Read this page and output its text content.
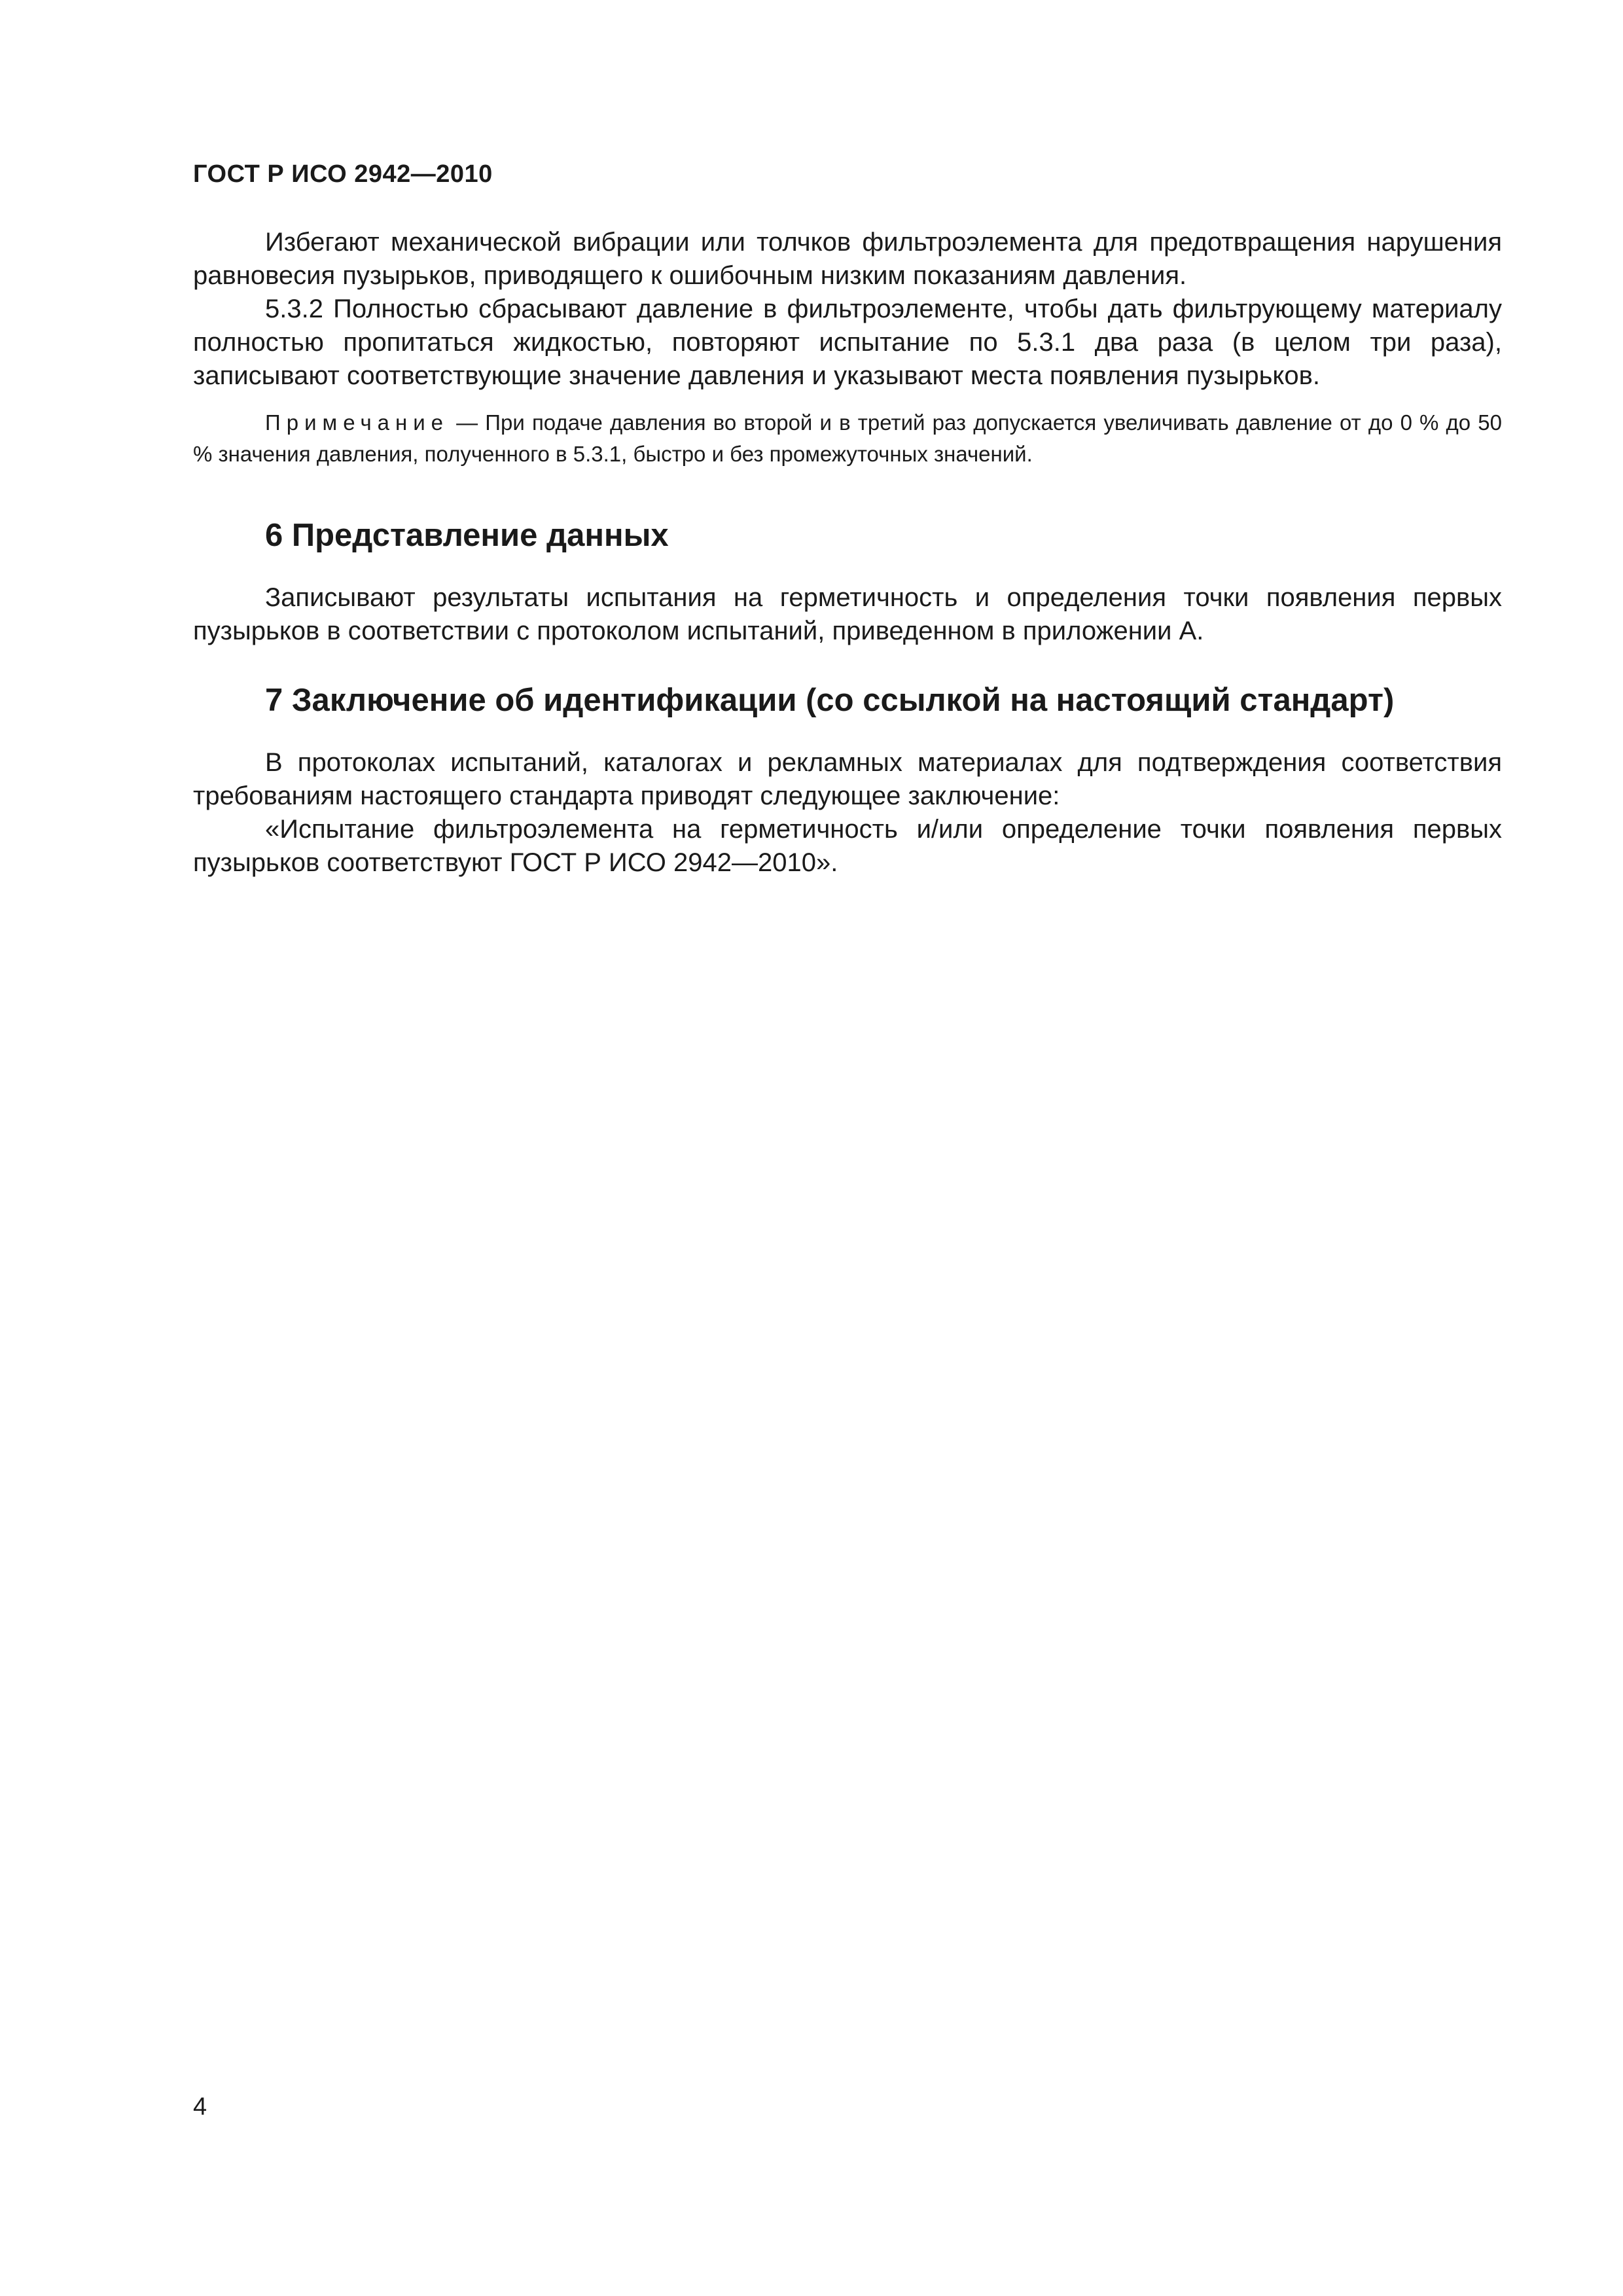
ГОСТ Р ИСО 2942—2010

Избегают механической вибрации или толчков фильтроэлемента для предотвращения нарушения равновесия пузырьков, приводящего к ошибочным низким показаниям давления.

5.3.2 Полностью сбрасывают давление в фильтроэлементе, чтобы дать фильтрующему материалу полностью пропитаться жидкостью, повторяют испытание по 5.3.1 два раза (в целом три раза), записывают соответствующие значение давления и указывают места появления пузырьков.

Примечание — При подаче давления во второй и в третий раз допускается увеличивать давление от до 0 % до 50 % значения давления, полученного в 5.3.1, быстро и без промежуточных значений.

6 Представление данных

Записывают результаты испытания на герметичность и определения точки появления первых пузырьков в соответствии с протоколом испытаний, приведенном в приложении А.

7 Заключение об идентификации (со ссылкой на настоящий стандарт)

В протоколах испытаний, каталогах и рекламных материалах для подтверждения соответствия требованиям настоящего стандарта приводят следующее заключение:

«Испытание фильтроэлемента на герметичность и/или определение точки появления первых пузырьков соответствуют ГОСТ Р ИСО 2942—2010».

4
